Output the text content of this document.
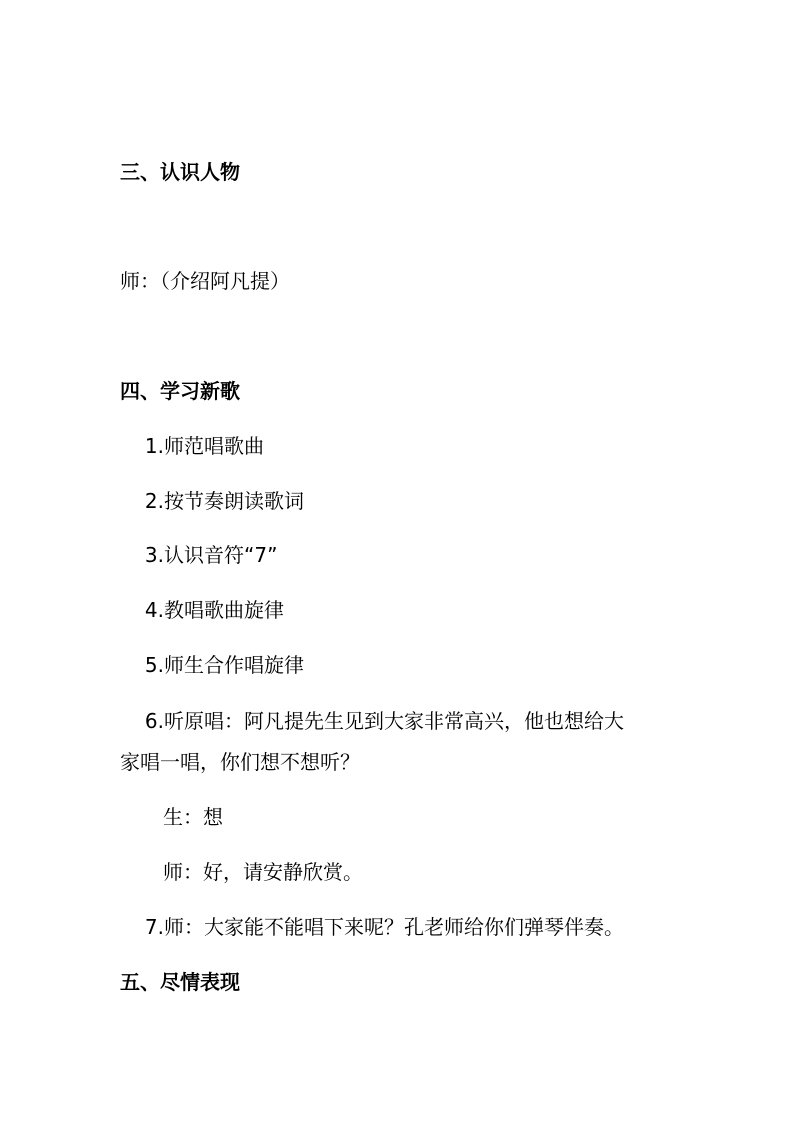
三、认识人物
师：（介绍阿凡提）
四、学习新歌
1.师范唱歌曲
2.按节奏朗读歌词
3.认识音符“7”
4.教唱歌曲旋律
5.师生合作唱旋律
6.听原唱：阿凡提先生见到大家非常高兴，他也想给大
家唱一唱，你们想不想听？
生：想
师：好，请安静欣赏。
7.师：大家能不能唱下来呢？孔老师给你们弹琴伴奏。
五、尽情表现
